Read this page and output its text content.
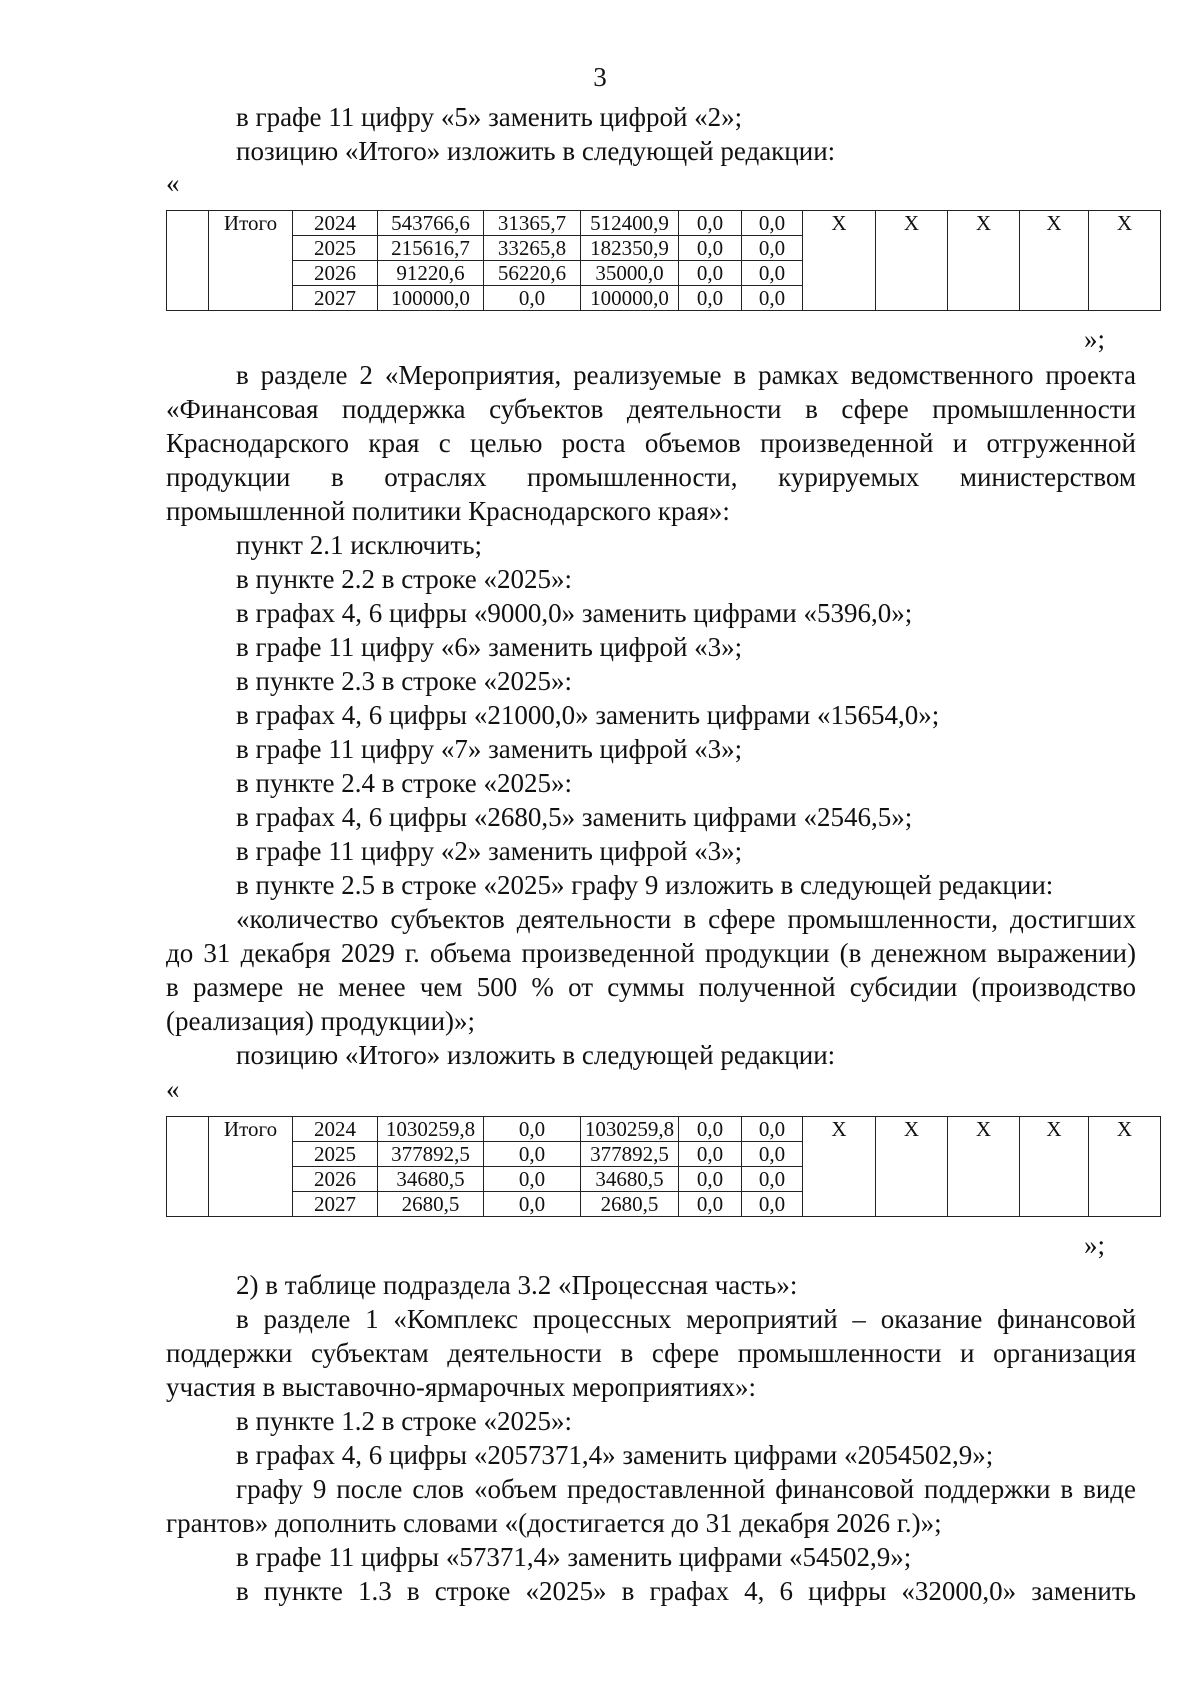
3
в графе 11 цифру «5» заменить цифрой «2»;
позицию «Итого» изложить в следующей редакции:
«
	Итого	2024	543766,6	31365,7	512400,9	0,0	0,0	Х	Х	Х	Х	Х
		2025	215616,7	33265,8	182350,9	0,0	0,0					
		2026	91220,6	56220,6	35000,0	0,0	0,0					
		2027	100000,0	0,0	100000,0	0,0	0,0					
»;
в разделе 2 «Мероприятия, реализуемые в рамках ведомственного проекта
«Финансовая поддержка субъектов деятельности в сфере промышленности
Краснодарского края с целью роста объемов произведенной и отгруженной
продукции в отраслях промышленности, курируемых министерством
промышленной политики Краснодарского края»:
пункт 2.1 исключить;
в пункте 2.2 в строке «2025»:
в графах 4, 6 цифры «9000,0» заменить цифрами «5396,0»;
в графе 11 цифру «6» заменить цифрой «3»;
в пункте 2.3 в строке «2025»:
в графах 4, 6 цифры «21000,0» заменить цифрами «15654,0»;
в графе 11 цифру «7» заменить цифрой «3»;
в пункте 2.4 в строке «2025»:
в графах 4, 6 цифры «2680,5» заменить цифрами «2546,5»;
в графе 11 цифру «2» заменить цифрой «3»;
в пункте 2.5 в строке «2025» графу 9 изложить в следующей редакции:
«количество субъектов деятельности в сфере промышленности, достигших
до 31 декабря 2029 г. объема произведенной продукции (в денежном выражении)
в размере не менее чем 500 % от суммы полученной субсидии (производство
(реализация) продукции)»;
позицию «Итого» изложить в следующей редакции:
«
	Итого	2024	1030259,8	0,0	1030259,8	0,0	0,0	Х	Х	Х	Х	Х
		2025	377892,5	0,0	377892,5	0,0	0,0					
		2026	34680,5	0,0	34680,5	0,0	0,0					
		2027	2680,5	0,0	2680,5	0,0	0,0					
»;
2) в таблице подраздела 3.2 «Процессная часть»:
в разделе 1 «Комплекс процессных мероприятий – оказание финансовой
поддержки субъектам деятельности в сфере промышленности и организация
участия в выставочно-ярмарочных мероприятиях»:
в пункте 1.2 в строке «2025»:
в графах 4, 6 цифры «2057371,4» заменить цифрами «2054502,9»;
графу 9 после слов «объем предоставленной финансовой поддержки в виде
грантов» дополнить словами «(достигается до 31 декабря 2026 г.)»;
в графе 11 цифры «57371,4» заменить цифрами «54502,9»;
в пункте 1.3 в строке «2025» в графах 4, 6 цифры «32000,0» заменить
